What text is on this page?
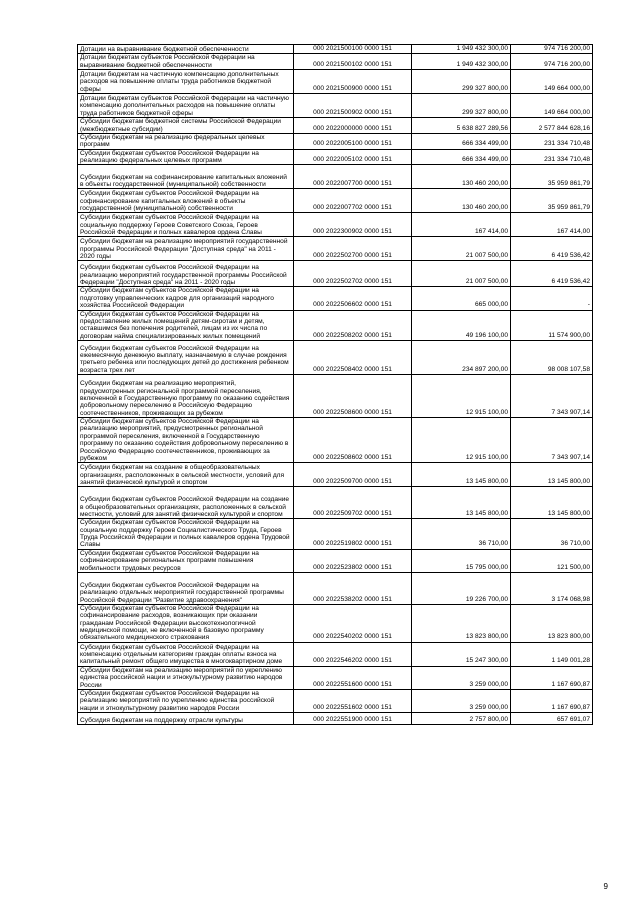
Дотации на выравнивание бюджетной обеспеченности	000 2021500100 0000 151	1 949 432 300,00	974 716 200,00
Дотации бюджетам субъектов Российской Федерации на выравнивание бюджетной обеспеченности	000 2021500102 0000 151	1 949 432 300,00	974 716 200,00
Дотации бюджетам на частичную компенсацию дополнительных расходов на повышение оплаты труда работников бюджетной сферы	000 2021500900 0000 151	299 327 800,00	149 664 000,00
Дотации бюджетам субъектов Российской Федерации на частичную компенсацию дополнительных расходов на повышение оплаты труда работников бюджетной сферы	000 2021500902 0000 151	299 327 800,00	149 664 000,00
Субсидии бюджетам бюджетной системы Российской Федерации (межбюджетные субсидии)	000 2022000000 0000 151	5 638 827 289,56	2 577 844 628,16
Субсидии бюджетам на реализацию федеральных целевых программ	000 2022005100 0000 151	666 334 499,00	231 334 710,48
Субсидии бюджетам субъектов Российской Федерации на реализацию федеральных целевых программ	000 2022005102 0000 151	666 334 499,00	231 334 710,48
Субсидии бюджетам на софинансирование капитальных вложений в объекты государственной (муниципальной) собственности	000 2022007700 0000 151	130 460 200,00	35 959 861,79
Субсидии бюджетам субъектов Российской Федерации на софинансирование капитальных вложений в объекты государственной (муниципальной) собственности	000 2022007702 0000 151	130 460 200,00	35 959 861,79
Субсидии бюджетам субъектов Российской Федерации на социальную поддержку Героев Советского Союза, Героев Российской Федерации и полных кавалеров ордена Славы	000 2022300902 0000 151	167 414,00	167 414,00
Субсидии бюджетам на реализацию мероприятий государственной программы Российской Федерации "Доступная среда" на 2011 - 2020 годы	000 2022502700 0000 151	21 007 500,00	6 419 536,42
Субсидии бюджетам субъектов Российской Федерации на реализацию мероприятий государственной программы Российской Федерации "Доступная среда" на 2011 - 2020 годы	000 2022502702 0000 151	21 007 500,00	6 419 536,42
Субсидии бюджетам субъектов Российской Федерации на подготовку управленческих кадров для организаций народного хозяйства Российской Федерации	000 2022506602 0000 151	665 000,00	-
Субсидии бюджетам субъектов Российской Федерации на предоставление жилых помещений детям-сиротам и детям, оставшимся без попечения родителей, лицам из их числа по договорам найма специализированных жилых помещений	000 2022508202 0000 151	49 196 100,00	11 574 900,00
Субсидии бюджетам субъектов Российской Федерации на ежемесячную денежную выплату, назначаемую в случае рождения третьего ребенка или последующих детей до достижения ребенком возраста трех лет	000 2022508402 0000 151	234 897 200,00	98 008 107,58
Субсидии бюджетам на реализацию мероприятий, предусмотренных региональной программой переселения, включенной в Государственную программу по оказанию содействия добровольному переселению в Российскую Федерацию соотечественников, проживающих за рубежом	000 2022508600 0000 151	12 915 100,00	7 343 907,14
Субсидии бюджетам субъектов Российской Федерации на реализацию мероприятий, предусмотренных региональной программой переселения, включенной в Государственную программу по оказанию содействия добровольному переселению в Российскую Федерацию соотечественников, проживающих за рубежом	000 2022508602 0000 151	12 915 100,00	7 343 907,14
Субсидии бюджетам на создание в общеобразовательных организациях, расположенных в сельской местности, условий для занятий физической культурой и спортом	000 2022509700 0000 151	13 145 800,00	13 145 800,00
Субсидии бюджетам субъектов Российской Федерации на создание в общеобразовательных организациях, расположенных в сельской местности, условий для занятий физической культурой и спортом	000 2022509702 0000 151	13 145 800,00	13 145 800,00
Субсидии бюджетам субъектов Российской Федерации на социальную поддержку Героев Социалистического Труда, Героев Труда Российской Федерации и полных кавалеров ордена Трудовой Славы	000 2022519802 0000 151	36 710,00	36 710,00
Субсидии бюджетам субъектов Российской Федерации на софинансирование региональных программ повышения мобильности трудовых ресурсов	000 2022523802 0000 151	15 795 000,00	121 500,00
Субсидии бюджетам субъектов Российской Федерации на реализацию отдельных мероприятий государственной программы Российской Федерации "Развитие здравоохранения"	000 2022538202 0000 151	19 226 700,00	3 174 068,98
Субсидии бюджетам субъектов Российской Федерации на софинансирование расходов, возникающих при оказании гражданам Российской Федерации высокотехнологичной медицинской помощи, не включенной в базовую программу обязательного медицинского страхования	000 2022540202 0000 151	13 823 800,00	13 823 800,00
Субсидии бюджетам субъектов Российской Федерации на компенсацию отдельным категориям граждан оплаты взноса на капитальный ремонт общего имущества в многоквартирном доме	000 2022546202 0000 151	15 247 300,00	1 149 001,28
Субсидии бюджетам на реализацию мероприятий по укреплению единства российской нации и этнокультурному развитию народов России	000 2022551600 0000 151	3 259 000,00	1 167 690,87
Субсидии бюджетам субъектов Российской Федерации на реализацию мероприятий по укреплению единства российской нации и этнокультурному развитию народов России	000 2022551602 0000 151	3 259 000,00	1 167 690,87
Субсидия бюджетам на поддержку отрасли культуры	000 2022551900 0000 151	2 757 800,00	657 691,07
9
